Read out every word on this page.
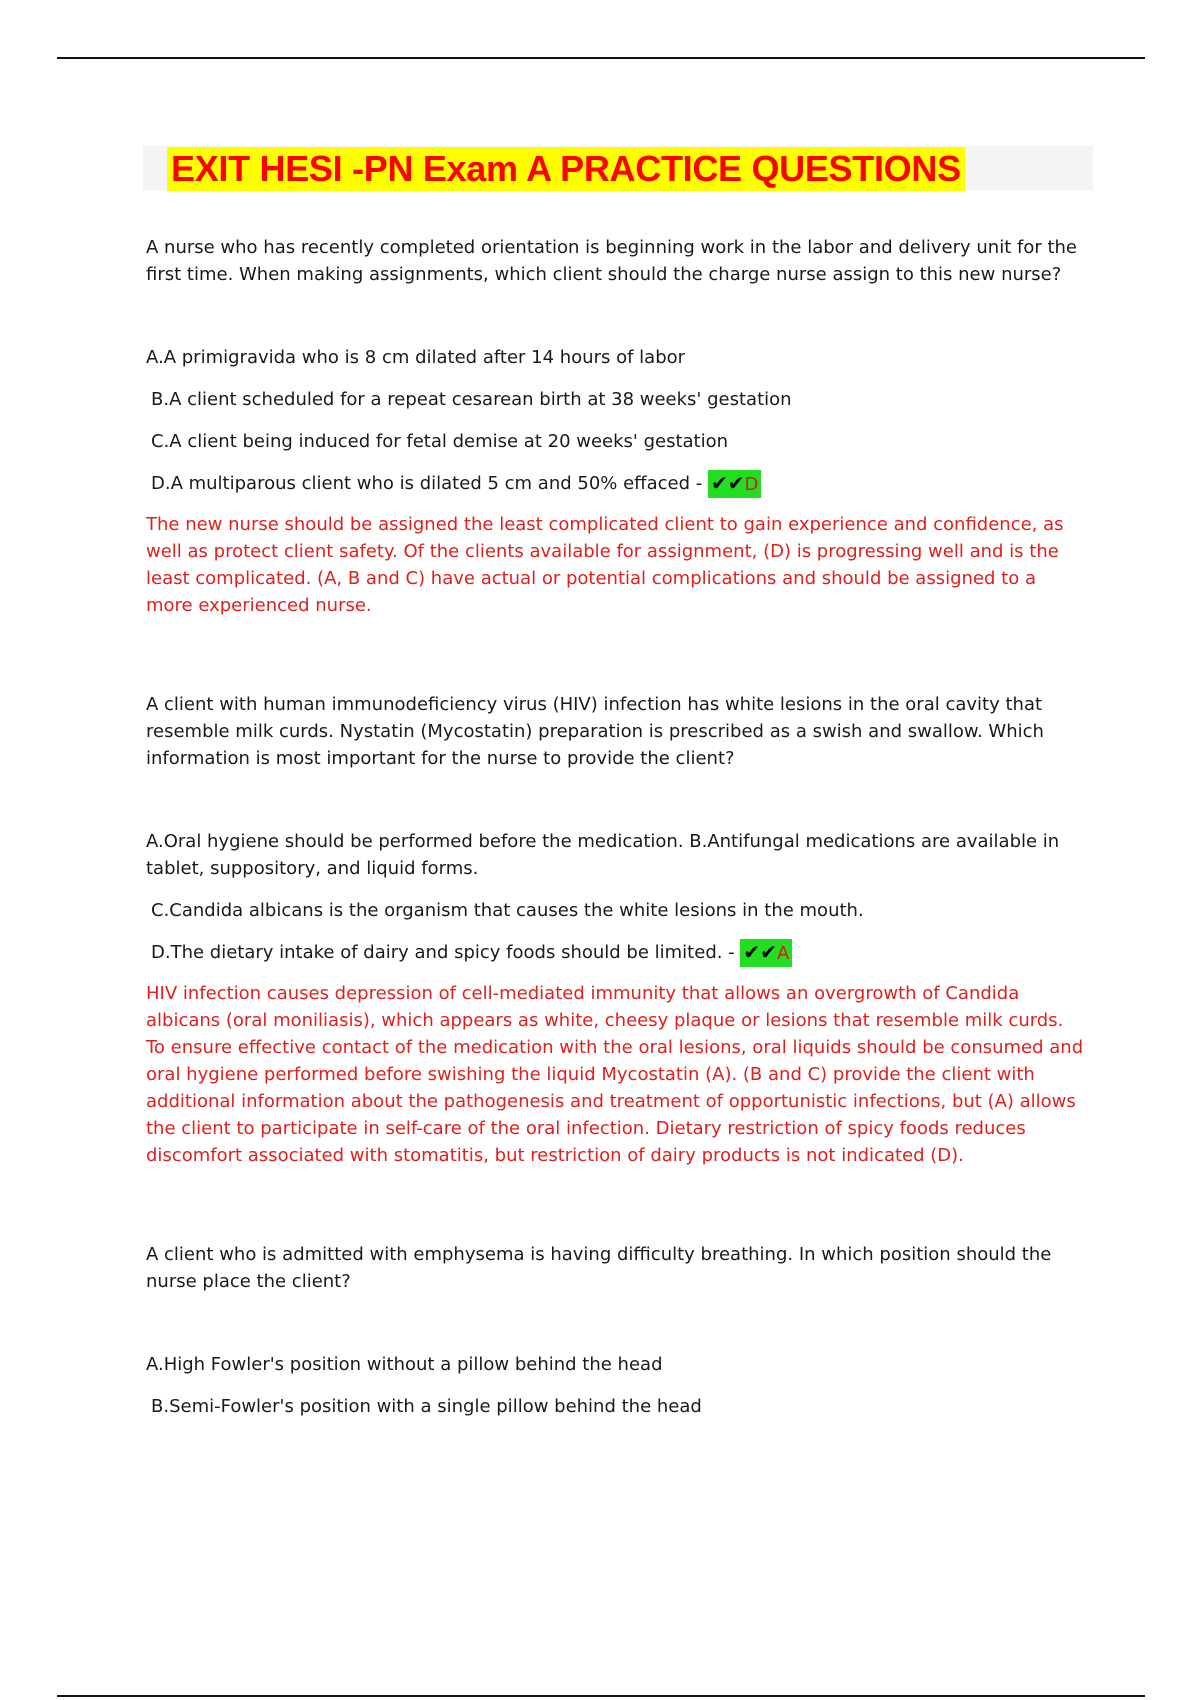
EXIT HESI -PN Exam A PRACTICE QUESTIONS

A nurse who has recently completed orientation is beginning work in the labor and delivery unit for the first time. When making assignments, which client should the charge nurse assign to this new nurse?

A.A primigravida who is 8 cm dilated after 14 hours of labor
B.A client scheduled for a repeat cesarean birth at 38 weeks' gestation
C.A client being induced for fetal demise at 20 weeks' gestation
D.A multiparous client who is dilated 5 cm and 50% effaced - ✔✔D

The new nurse should be assigned the least complicated client to gain experience and confidence, as well as protect client safety. Of the clients available for assignment, (D) is progressing well and is the least complicated. (A, B and C) have actual or potential complications and should be assigned to a more experienced nurse.

A client with human immunodeficiency virus (HIV) infection has white lesions in the oral cavity that resemble milk curds. Nystatin (Mycostatin) preparation is prescribed as a swish and swallow. Which information is most important for the nurse to provide the client?

A.Oral hygiene should be performed before the medication. B.Antifungal medications are available in tablet, suppository, and liquid forms.
C.Candida albicans is the organism that causes the white lesions in the mouth.
D.The dietary intake of dairy and spicy foods should be limited. - ✔✔A

HIV infection causes depression of cell-mediated immunity that allows an overgrowth of Candida albicans (oral moniliasis), which appears as white, cheesy plaque or lesions that resemble milk curds. To ensure effective contact of the medication with the oral lesions, oral liquids should be consumed and oral hygiene performed before swishing the liquid Mycostatin (A). (B and C) provide the client with additional information about the pathogenesis and treatment of opportunistic infections, but (A) allows the client to participate in self-care of the oral infection. Dietary restriction of spicy foods reduces discomfort associated with stomatitis, but restriction of dairy products is not indicated (D).

A client who is admitted with emphysema is having difficulty breathing. In which position should the nurse place the client?

A.High Fowler's position without a pillow behind the head
B.Semi-Fowler's position with a single pillow behind the head
